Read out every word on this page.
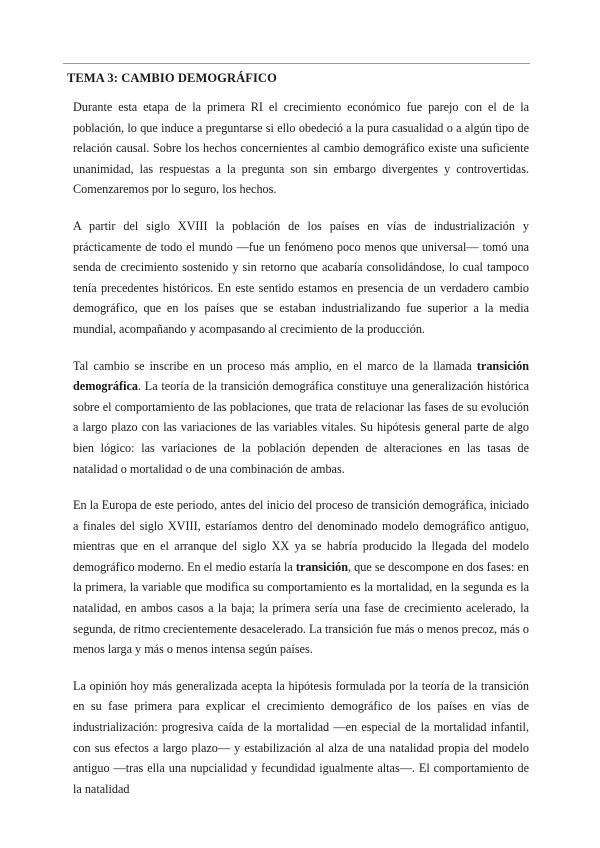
TEMA 3: CAMBIO DEMOGRÁFICO

Durante esta etapa de la primera RI el crecimiento económico fue parejo con el de la población, lo que induce a preguntarse si ello obedeció a la pura casualidad o a algún tipo de relación causal. Sobre los hechos concernientes al cambio demográfico existe una suficiente unanimidad, las respuestas a la pregunta son sin embargo divergentes y controvertidas. Comenzaremos por lo seguro, los hechos.

A partir del siglo XVIII la población de los países en vías de industrialización y prácticamente de todo el mundo —fue un fenómeno poco menos que universal— tomó una senda de crecimiento sostenido y sin retorno que acabaría consolidándose, lo cual tampoco tenía precedentes históricos. En este sentido estamos en presencia de un verdadero cambio demográfico, que en los países que se estaban industrializando fue superior a la media mundial, acompañando y acompasando al crecimiento de la producción.

Tal cambio se inscribe en un proceso más amplio, en el marco de la llamada transición demográfica. La teoría de la transición demográfica constituye una generalización histórica sobre el comportamiento de las poblaciones, que trata de relacionar las fases de su evolución a largo plazo con las variaciones de las variables vitales. Su hipótesis general parte de algo bien lógico: las variaciones de la población dependen de alteraciones en las tasas de natalidad o mortalidad o de una combinación de ambas.

En la Europa de este periodo, antes del inicio del proceso de transición demográfica, iniciado a finales del siglo XVIII, estaríamos dentro del denominado modelo demográfico antiguo, mientras que en el arranque del siglo XX ya se habría producido la llegada del modelo demográfico moderno. En el medio estaría la transición, que se descompone en dos fases: en la primera, la variable que modifica su comportamiento es la mortalidad, en la segunda es la natalidad, en ambos casos a la baja; la primera sería una fase de crecimiento acelerado, la segunda, de ritmo crecientemente desacelerado. La transición fue más o menos precoz, más o menos larga y más o menos intensa según países.

La opinión hoy más generalizada acepta la hipótesis formulada por la teoría de la transición en su fase primera para explicar el crecimiento demográfico de los países en vías de industrialización: progresiva caída de la mortalidad —en especial de la mortalidad infantil, con sus efectos a largo plazo— y estabilización al alza de una natalidad propia del modelo antiguo —tras ella una nupcialidad y fecundidad igualmente altas—. El comportamiento de la natalidad
